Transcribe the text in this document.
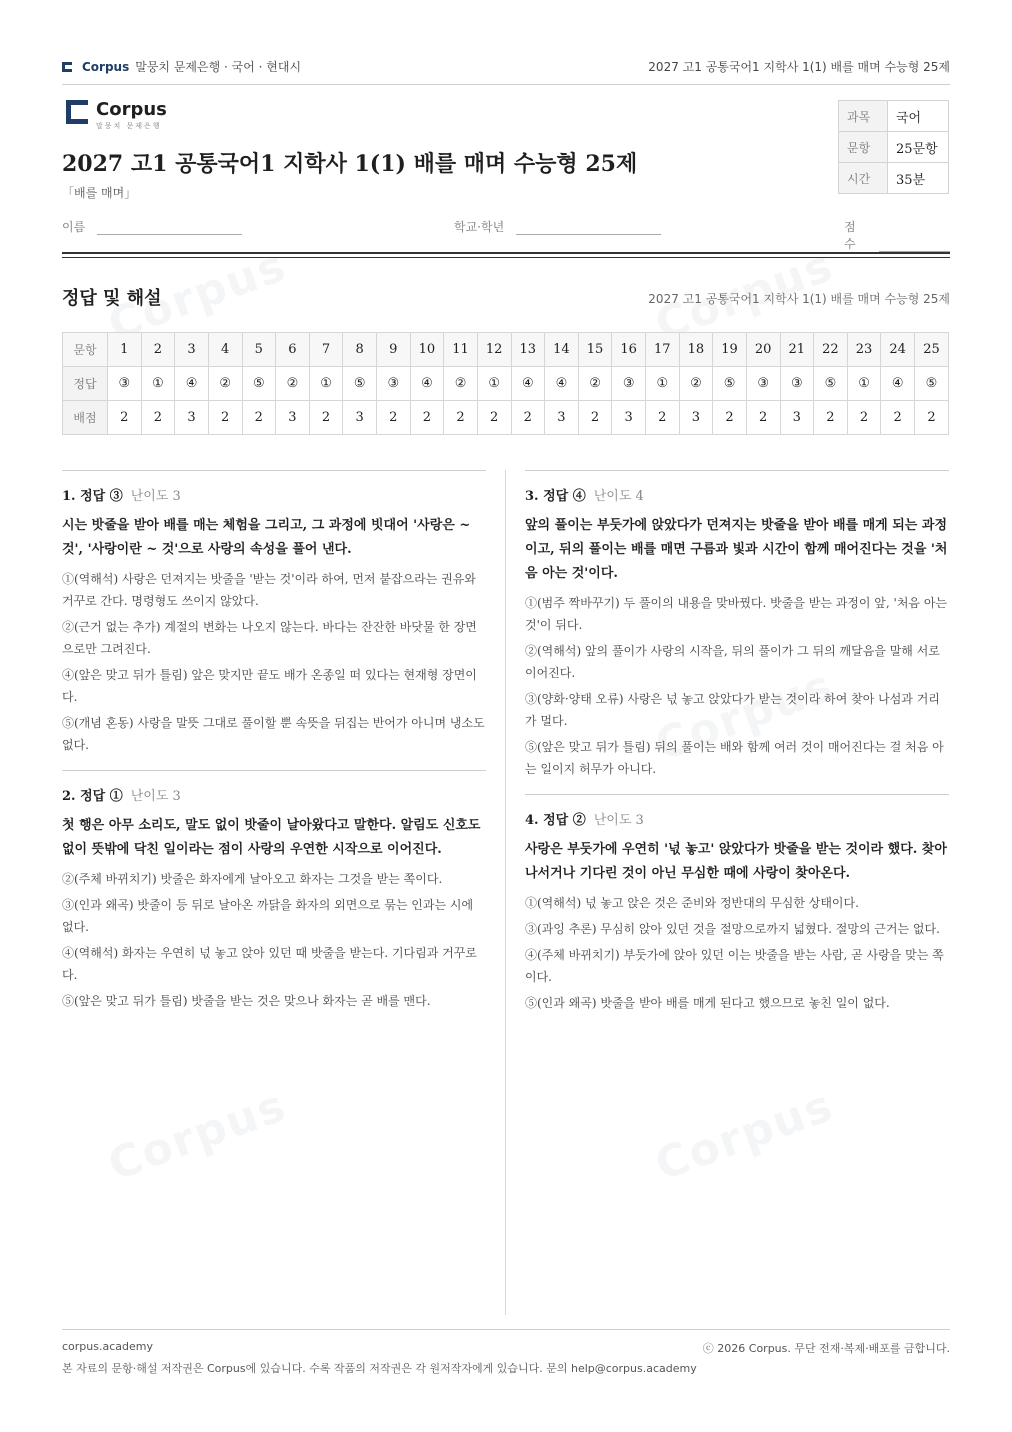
Corpus 말뭉치 문제은행 · 국어 · 현대시	2027 고1 공통국어1 지학사 1(1) 배를 매며 수능형 25제
Corpus
말뭉치 문제은행
2027 고1 공통국어1 지학사 1(1) 배를 매며 수능형 25제
「배를 매며」
과목	국어
문항	25문항
시간	35분
이름	학교·학년	점수
정답 및 해설	2027 고1 공통국어1 지학사 1(1) 배를 매며 수능형 25제
문항	1	2	3	4	5	6	7	8	9	10	11	12	13	14	15	16	17	18	19	20	21	22	23	24	25
정답	③	①	④	②	⑤	②	①	⑤	③	④	②	①	④	④	②	③	①	②	⑤	③	③	⑤	①	④	⑤
배점	2	2	3	2	2	3	2	3	2	2	2	2	2	3	2	3	2	3	2	2	3	2	2	2	2

1. 정답 ③ 난이도 3

시는 밧줄을 받아 배를 매는 체험을 그리고, 그 과정에 빗대어 '사랑은 ~ 것', '사랑이란 ~ 것'으로 사랑의 속성을 풀어 낸다.

①(역해석) 사랑은 던져지는 밧줄을 '받는 것'이라 하여, 먼저 붙잡으라는 권유와 거꾸로 간다. 명령형도 쓰이지 않았다.

②(근거 없는 추가) 계절의 변화는 나오지 않는다. 바다는 잔잔한 바닷물 한 장면으로만 그려진다.

④(앞은 맞고 뒤가 틀림) 앞은 맞지만 끝도 배가 온종일 떠 있다는 현재형 장면이다.

⑤(개념 혼동) 사랑을 말뜻 그대로 풀이할 뿐 속뜻을 뒤집는 반어가 아니며 냉소도 없다.

2. 정답 ① 난이도 3

첫 행은 아무 소리도, 말도 없이 밧줄이 날아왔다고 말한다. 알림도 신호도 없이 뜻밖에 닥친 일이라는 점이 사랑의 우연한 시작으로 이어진다.

②(주체 바뀌치기) 밧줄은 화자에게 날아오고 화자는 그것을 받는 쪽이다.

③(인과 왜곡) 밧줄이 등 뒤로 날아온 까닭을 화자의 외면으로 묶는 인과는 시에 없다.

④(역해석) 화자는 우연히 넋 놓고 앉아 있던 때 밧줄을 받는다. 기다림과 거꾸로다.

⑤(앞은 맞고 뒤가 틀림) 밧줄을 받는 것은 맞으나 화자는 곧 배를 맨다.

3. 정답 ④ 난이도 4

앞의 풀이는 부둣가에 앉았다가 던져지는 밧줄을 받아 배를 매게 되는 과정이고, 뒤의 풀이는 배를 매면 구름과 빛과 시간이 함께 매어진다는 것을 '처음 아는 것'이다.

①(범주 짝바꾸기) 두 풀이의 내용을 맞바꿨다. 밧줄을 받는 과정이 앞, '처음 아는 것'이 뒤다.

②(역해석) 앞의 풀이가 사랑의 시작을, 뒤의 풀이가 그 뒤의 깨달음을 말해 서로 이어진다.

③(양화·양태 오류) 사랑은 넋 놓고 앉았다가 받는 것이라 하여 찾아 나섬과 거리가 멀다.

⑤(앞은 맞고 뒤가 틀림) 뒤의 풀이는 배와 함께 여러 것이 매어진다는 걸 처음 아는 일이지 허무가 아니다.

4. 정답 ② 난이도 3

사랑은 부둣가에 우연히 '넋 놓고' 앉았다가 밧줄을 받는 것이라 했다. 찾아 나서거나 기다린 것이 아닌 무심한 때에 사랑이 찾아온다.

①(역해석) 넋 놓고 앉은 것은 준비와 정반대의 무심한 상태이다.

③(과잉 추론) 무심히 앉아 있던 것을 절망으로까지 넓혔다. 절망의 근거는 없다.

④(주체 바뀌치기) 부둣가에 앉아 있던 이는 밧줄을 받는 사람, 곧 사랑을 맞는 쪽이다.

⑤(인과 왜곡) 밧줄을 받아 배를 매게 된다고 했으므로 놓친 일이 없다.

corpus.academy	ⓒ 2026 Corpus. 무단 전재·복제·배포를 금합니다.
본 자료의 문항·해설 저작권은 Corpus에 있습니다. 수록 작품의 저작권은 각 원저작자에게 있습니다. 문의 help@corpus.academy
